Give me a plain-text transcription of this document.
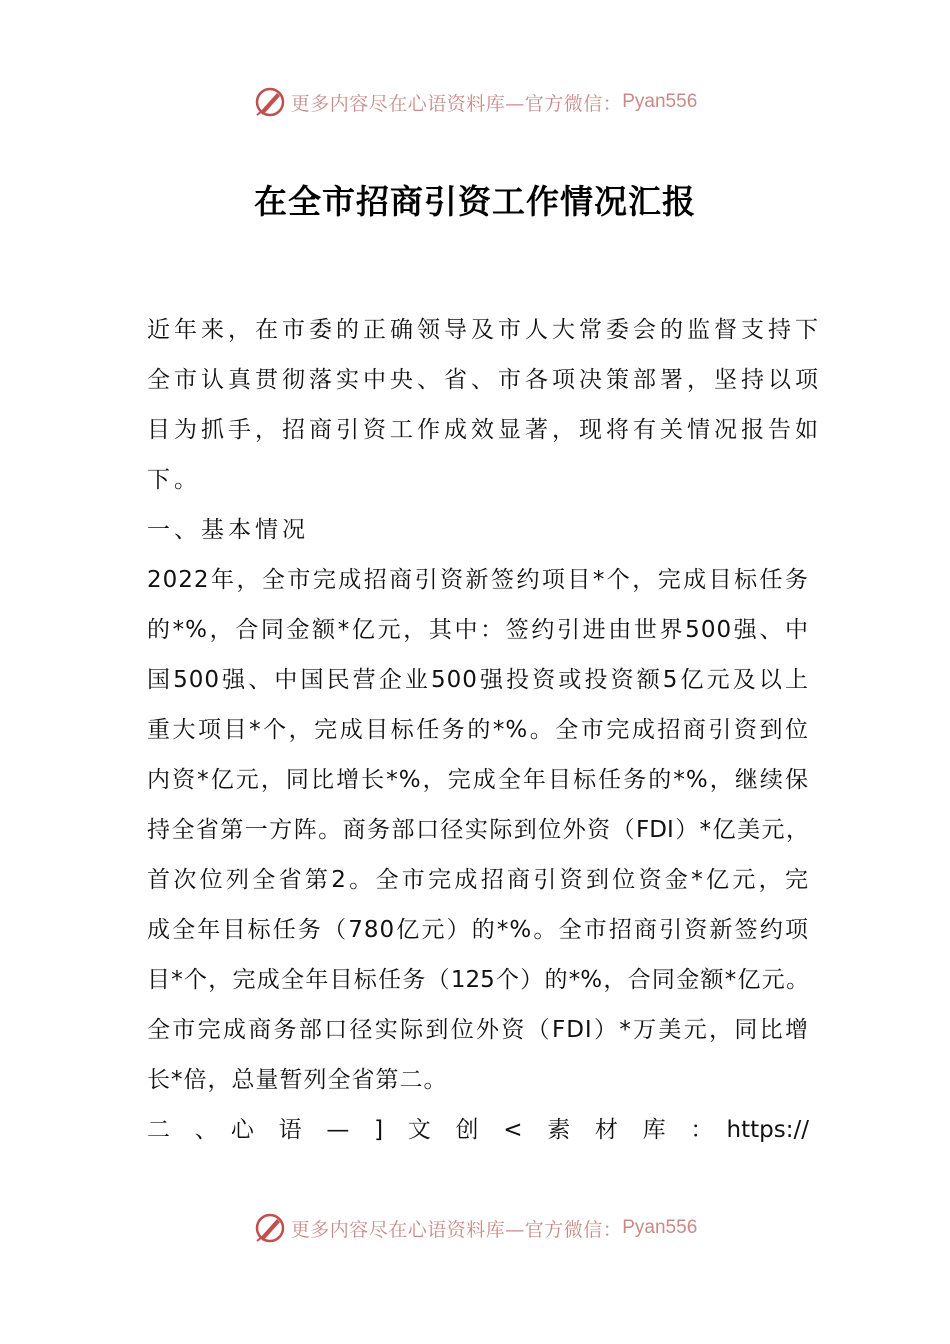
更多内容尽在心语资料库—官方微信： Pyan556
在全市招商引资工作情况汇报
近年来，在市委的正确领导及市人大常委会的监督支持下
全市认真贯彻落实中央、省、市各项决策部署，坚持以项
目为抓手，招商引资工作成效显著，现将有关情况报告如
下。
一、基本情况
2022年，全市完成招商引资新签约项目*个，完成目标任务
的*%，合同金额*亿元，其中：签约引进由世界500强、中
国500强、中国民营企业500强投资或投资额5亿元及以上
重大项目*个，完成目标任务的*%。全市完成招商引资到位
内资*亿元，同比增长*%，完成全年目标任务的*%，继续保
持全省第一方阵。商务部口径实际到位外资（FDI）*亿美元，
首次位列全省第2。全市完成招商引资到位资金*亿元，完
成全年目标任务（780亿元）的*%。全市招商引资新签约项
目*个，完成全年目标任务（125个）的*%，合同金额*亿元。
全市完成商务部口径实际到位外资（FDI）*万美元，同比增
长*倍，总量暂列全省第二。
二　、　心　语　—　]　文　创　<　素　材　库　：　https://
更多内容尽在心语资料库—官方微信： Pyan556
